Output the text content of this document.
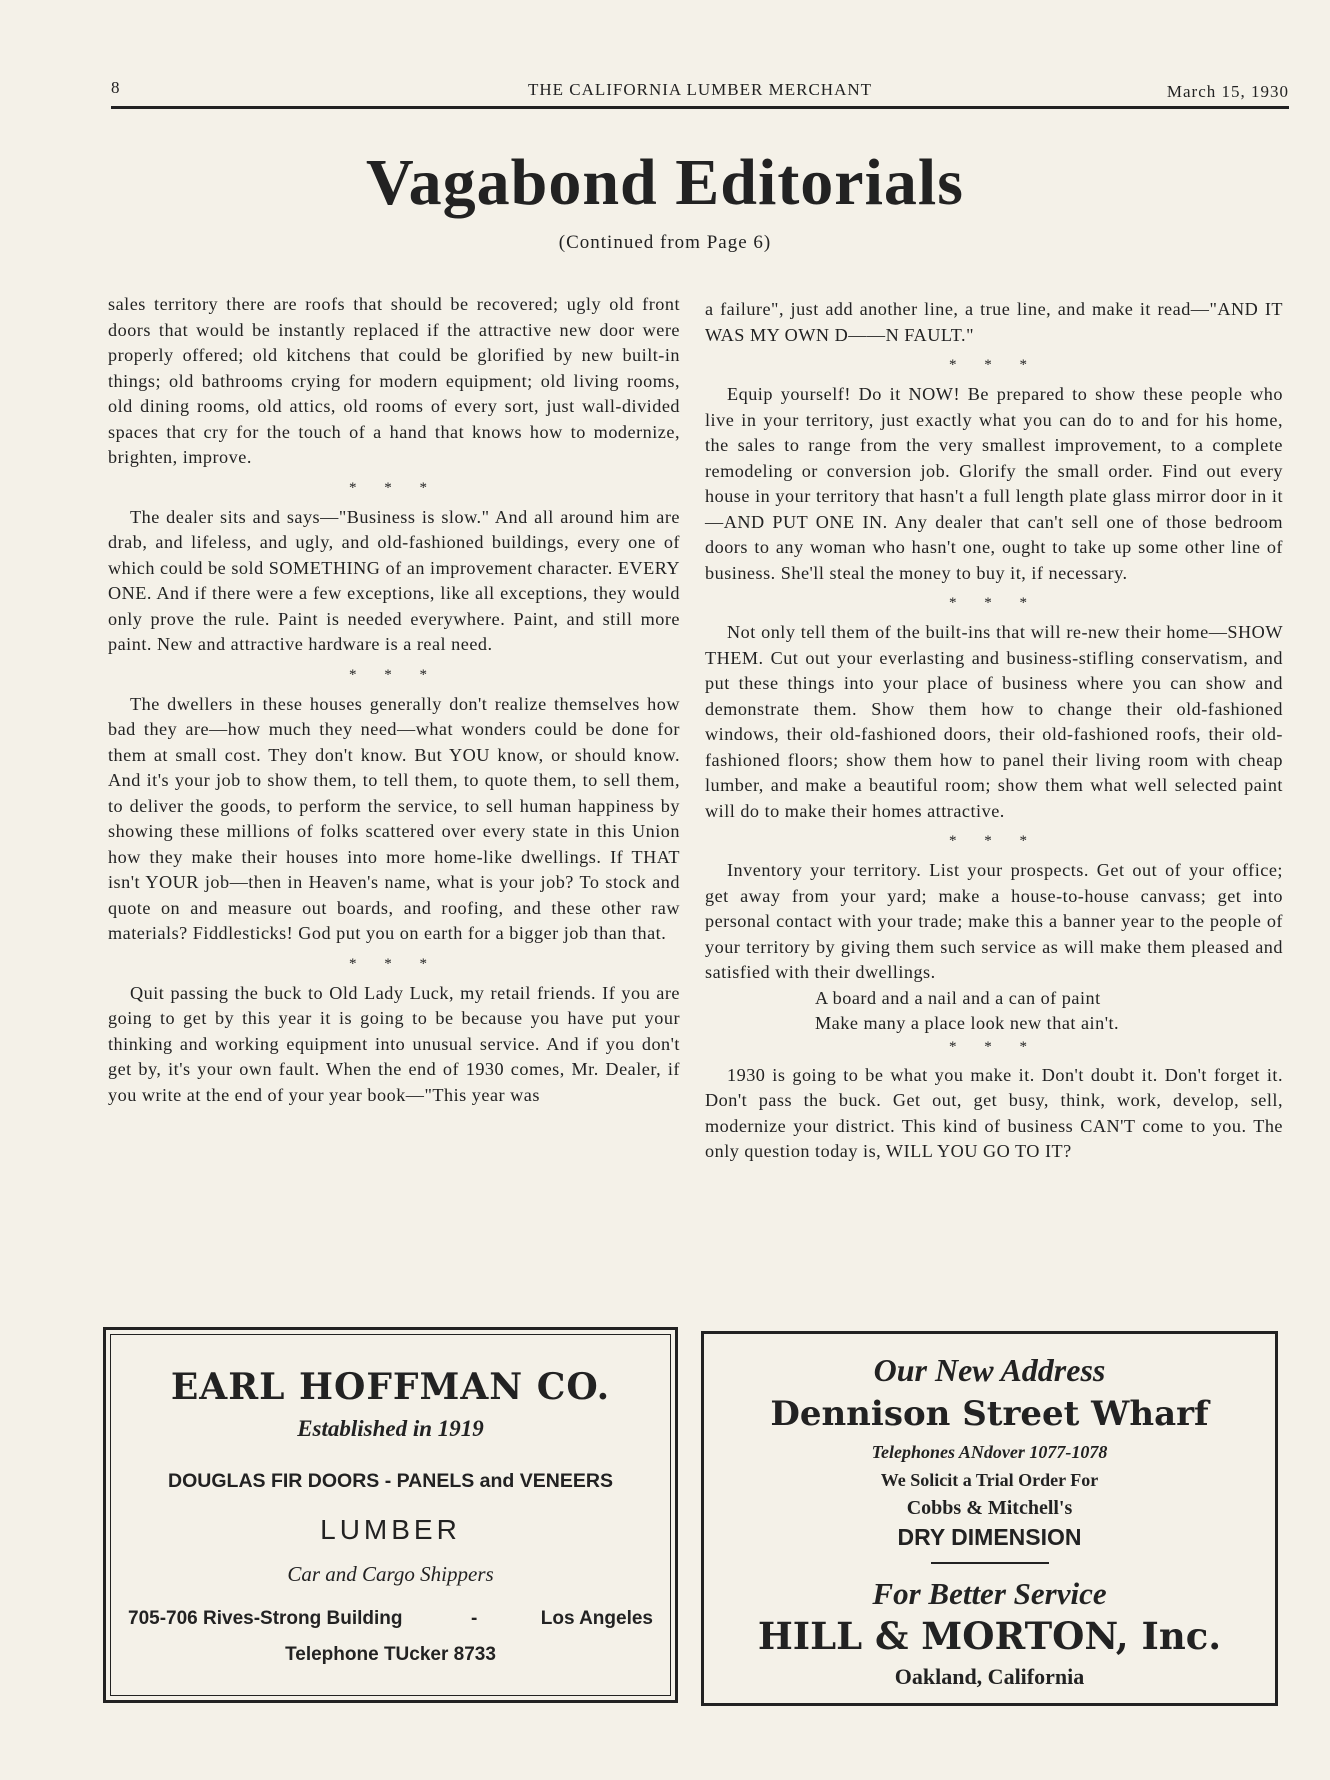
8	THE CALIFORNIA LUMBER MERCHANT	March 15, 1930
Vagabond Editorials
(Continued from Page 6)

sales territory there are roofs that should be recovered; ugly old front doors that would be instantly replaced if the attractive new door were properly offered; old kitchens that could be glorified by new built-in things; old bathrooms crying for modern equipment; old living rooms, old dining rooms, old attics, old rooms of every sort, just wall-divided spaces that cry for the touch of a hand that knows how to modernize, brighten, improve.

* * *

The dealer sits and says—"Business is slow." And all around him are drab, and lifeless, and ugly, and old-fashioned buildings, every one of which could be sold SOMETHING of an improvement character. EVERY ONE. And if there were a few exceptions, like all exceptions, they would only prove the rule. Paint is needed everywhere. Paint, and still more paint. New and attractive hardware is a real need.

* * *

The dwellers in these houses generally don't realize themselves how bad they are—how much they need—what wonders could be done for them at small cost. They don't know. But YOU know, or should know. And it's your job to show them, to tell them, to quote them, to sell them, to deliver the goods, to perform the service, to sell human happiness by showing these millions of folks scattered over every state in this Union how they make their houses into more home-like dwellings. If THAT isn't YOUR job—then in Heaven's name, what is your job? To stock and quote on and measure out boards, and roofing, and these other raw materials? Fiddlesticks! God put you on earth for a bigger job than that.

* * *

Quit passing the buck to Old Lady Luck, my retail friends. If you are going to get by this year it is going to be because you have put your thinking and working equipment into unusual service. And if you don't get by, it's your own fault. When the end of 1930 comes, Mr. Dealer, if you write at the end of your year book—"This year was

a failure", just add another line, a true line, and make it read—"AND IT WAS MY OWN D——N FAULT."

* * *

Equip yourself! Do it NOW! Be prepared to show these people who live in your territory, just exactly what you can do to and for his home, the sales to range from the very smallest improvement, to a complete remodeling or conversion job. Glorify the small order. Find out every house in your territory that hasn't a full length plate glass mirror door in it—AND PUT ONE IN. Any dealer that can't sell one of those bedroom doors to any woman who hasn't one, ought to take up some other line of business. She'll steal the money to buy it, if necessary.

* * *

Not only tell them of the built-ins that will re-new their home—SHOW THEM. Cut out your everlasting and business-stifling conservatism, and put these things into your place of business where you can show and demonstrate them. Show them how to change their old-fashioned windows, their old-fashioned doors, their old-fashioned roofs, their old-fashioned floors; show them how to panel their living room with cheap lumber, and make a beautiful room; show them what well selected paint will do to make their homes attractive.

* * *

Inventory your territory. List your prospects. Get out of your office; get away from your yard; make a house-to-house canvass; get into personal contact with your trade; make this a banner year to the people of your territory by giving them such service as will make them pleased and satisfied with their dwellings.

A board and a nail and a can of paint
Make many a place look new that ain't.
* * *

1930 is going to be what you make it. Don't doubt it. Don't forget it. Don't pass the buck. Get out, get busy, think, work, develop, sell, modernize your district. This kind of business CAN'T come to you. The only question today is, WILL YOU GO TO IT?

EARL HOFFMAN CO.
Established in 1919
DOUGLAS FIR DOORS - PANELS and VENEERS
LUMBER
Car and Cargo Shippers
705-706 Rives-Strong Building	-	Los Angeles
Telephone TUcker 8733
Our New Address
Dennison Street Wharf
Telephones ANdover 1077-1078
We Solicit a Trial Order For
Cobbs & Mitchell's
DRY DIMENSION
For Better Service
HILL & MORTON, Inc.
Oakland, California
